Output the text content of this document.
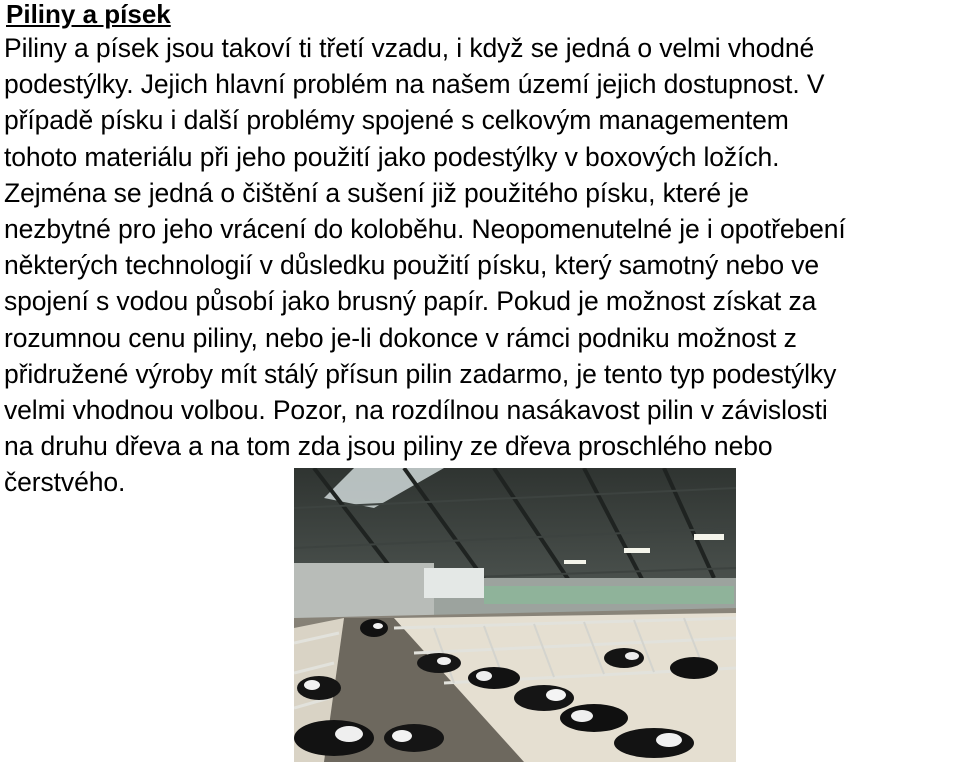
Piliny a písek
Piliny a písek jsou takoví ti třetí vzadu, i když se jedná o velmi vhodné
podestýlky. Jejich hlavní problém na našem území jejich dostupnost. V
případě písku i další problémy spojené s celkovým managementem
tohoto materiálu při jeho použití jako podestýlky v boxových ložích.
Zejména se jedná o čištění a sušení již použitého písku, které je
nezbytné pro jeho vrácení do koloběhu. Neopomenutelné je i opotřebení
některých technologií v důsledku použití písku, který samotný nebo ve
spojení s vodou působí jako brusný papír. Pokud je možnost získat za
rozumnou cenu piliny, nebo je-li dokonce v rámci podniku možnost z
přidružené výroby mít stálý přísun pilin zadarmo, je tento typ podestýlky
velmi vhodnou volbou. Pozor, na rozdílnou nasákavost pilin v závislosti
na druhu dřeva a na tom zda jsou piliny ze dřeva proschlého nebo
čerstvého.
